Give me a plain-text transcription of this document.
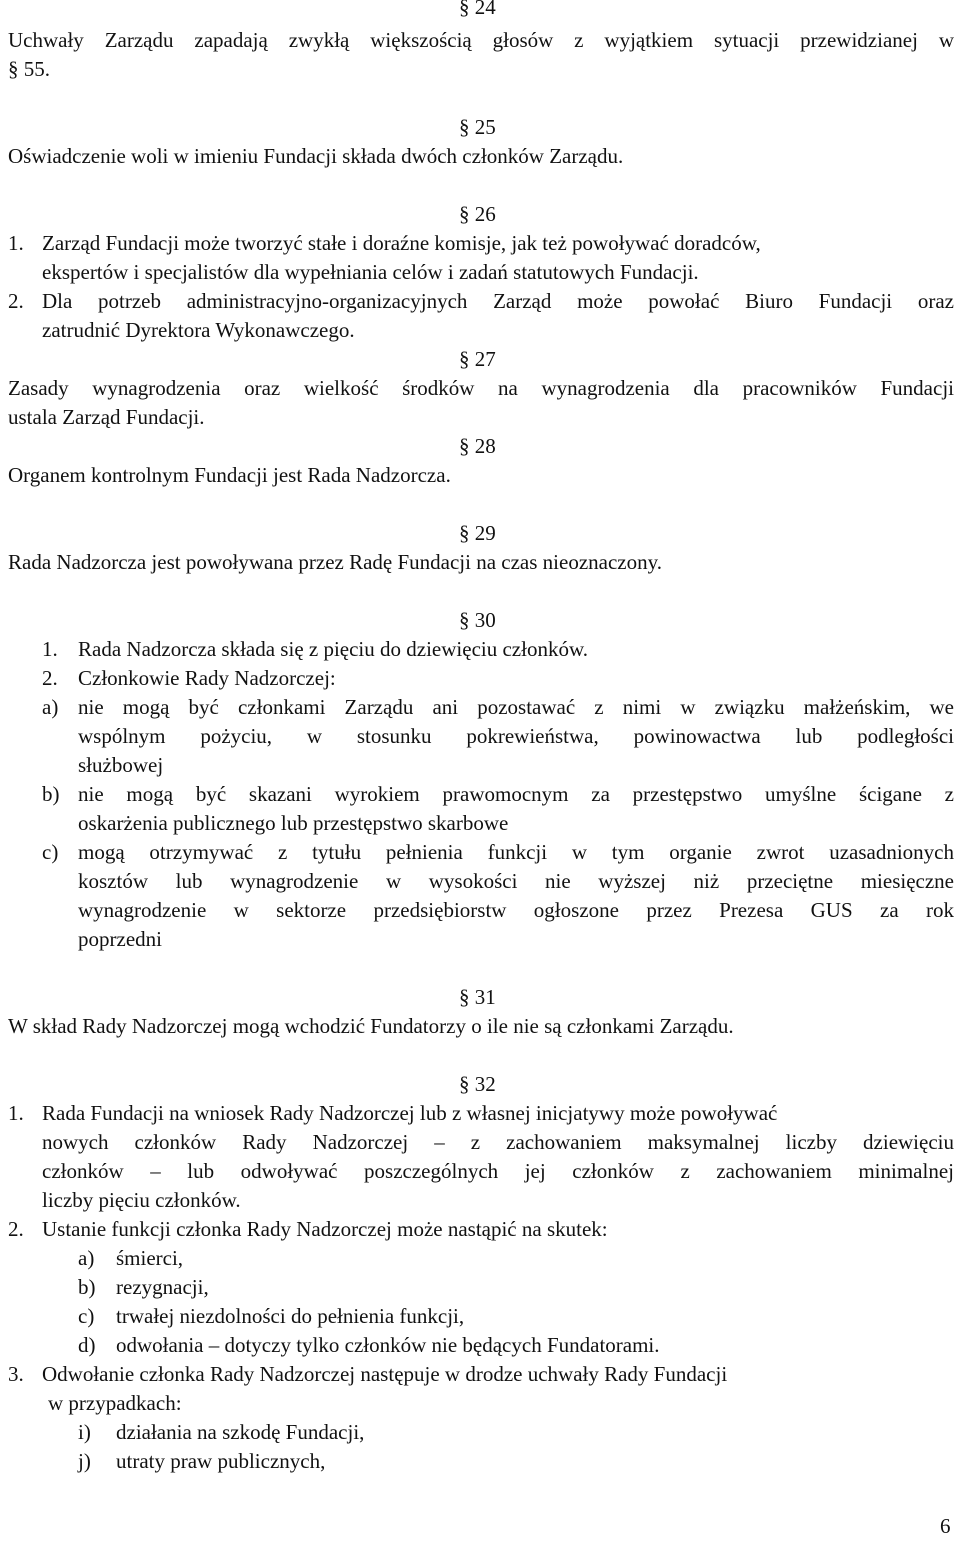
§ 24
Uchwały Zarządu zapadają zwykłą większością głosów z wyjątkiem sytuacji przewidzianej w
§ 55.
§ 25
Oświadczenie woli w imieniu Fundacji składa dwóch członków Zarządu.
§ 26
1. Zarząd Fundacji może tworzyć stałe i doraźne komisje, jak też powoływać doradców,
ekspertów i specjalistów dla wypełniania celów i zadań statutowych Fundacji.
2. Dla potrzeb administracyjno-organizacyjnych Zarząd może powołać Biuro Fundacji oraz
zatrudnić Dyrektora Wykonawczego.
§ 27
Zasady wynagrodzenia oraz wielkość środków na wynagrodzenia dla pracowników Fundacji
ustala Zarząd Fundacji.
§ 28
Organem kontrolnym Fundacji jest Rada Nadzorcza.
§ 29
Rada Nadzorcza jest powoływana przez Radę Fundacji na czas nieoznaczony.
§ 30
1. Rada Nadzorcza składa się z pięciu do dziewięciu członków.
2. Członkowie Rady Nadzorczej:
a) nie mogą być członkami Zarządu ani pozostawać z nimi w związku małżeńskim, we
wspólnym pożyciu, w stosunku pokrewieństwa, powinowactwa lub podległości
służbowej
b) nie mogą być skazani wyrokiem prawomocnym za przestępstwo umyślne ścigane z
oskarżenia publicznego lub przestępstwo skarbowe
c) mogą otrzymywać z tytułu pełnienia funkcji w tym organie zwrot uzasadnionych
kosztów lub wynagrodzenie w wysokości nie wyższej niż przeciętne miesięczne
wynagrodzenie w sektorze przedsiębiorstw ogłoszone przez Prezesa GUS za rok
poprzedni
§ 31
W skład Rady Nadzorczej mogą wchodzić Fundatorzy o ile nie są członkami Zarządu.
§ 32
1. Rada Fundacji na wniosek Rady Nadzorczej lub z własnej inicjatywy może powoływać
nowych członków Rady Nadzorczej – z zachowaniem maksymalnej liczby dziewięciu
członków – lub odwoływać poszczególnych jej członków z zachowaniem minimalnej
liczby pięciu członków.
2. Ustanie funkcji członka Rady Nadzorczej może nastąpić na skutek:
a) śmierci,
b) rezygnacji,
c) trwałej niezdolności do pełnienia funkcji,
d) odwołania – dotyczy tylko członków nie będących Fundatorami.
3. Odwołanie członka Rady Nadzorczej następuje w drodze uchwały Rady Fundacji
w przypadkach:
i) działania na szkodę Fundacji,
j) utraty praw publicznych,
6
